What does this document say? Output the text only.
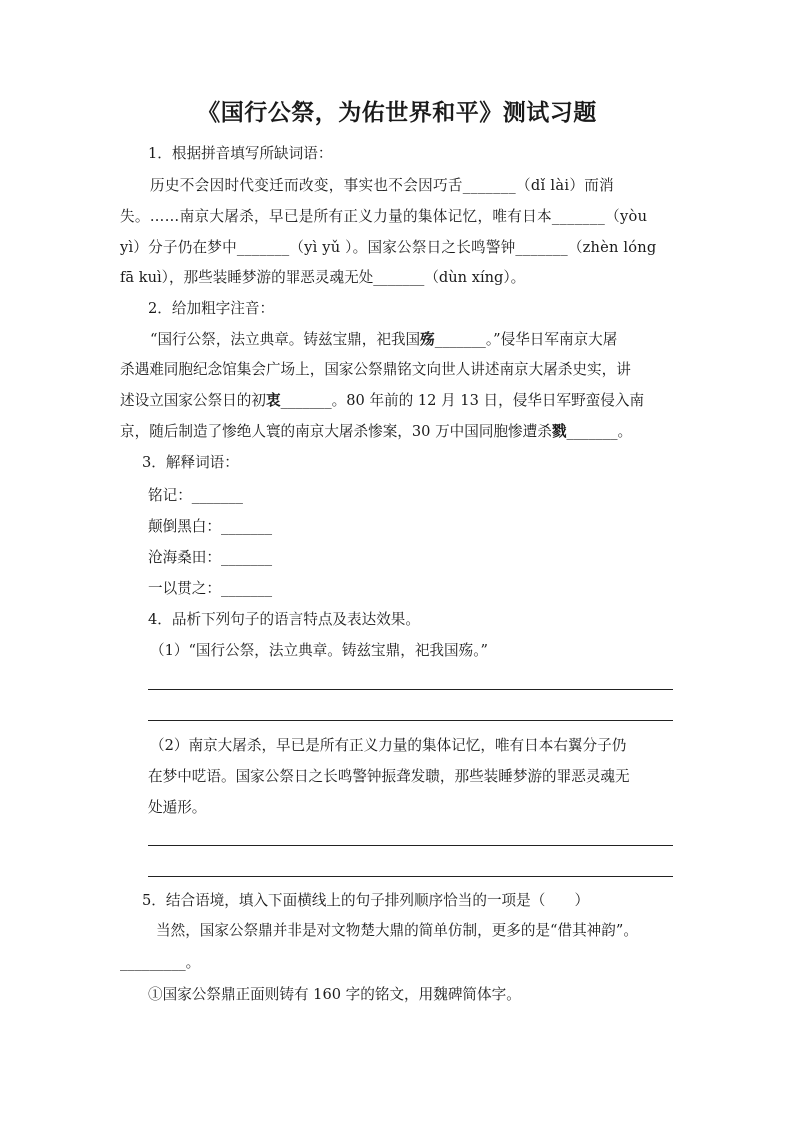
《国行公祭，为佑世界和平》测试习题
1．根据拼音填写所缺词语：
历史不会因时代变迁而改变，事实也不会因巧舌_______（dǐ lài）而消
失。……南京大屠杀，早已是所有正义力量的集体记忆，唯有日本_______（yòu
yì）分子仍在梦中_______（yì yǔ ）。国家公祭日之长鸣警钟_______（zhèn lóng
fā kuì），那些装睡梦游的罪恶灵魂无处_______（dùn xíng）。
2．给加粗字注音：
“国行公祭，法立典章。铸兹宝鼎，祀我国殇_______。”侵华日军南京大屠
杀遇难同胞纪念馆集会广场上，国家公祭鼎铭文向世人讲述南京大屠杀史实，讲
述设立国家公祭日的初衷_______。80 年前的 12 月 13 日，侵华日军野蛮侵入南
京，随后制造了惨绝人寰的南京大屠杀惨案，30 万中国同胞惨遭杀戮_______。
3．解释词语：
铭记：_______
颠倒黑白：_______
沧海桑田：_______
一以贯之：_______
4．品析下列句子的语言特点及表达效果。
（1）“国行公祭，法立典章。铸兹宝鼎，祀我国殇。”
（2）南京大屠杀，早已是所有正义力量的集体记忆，唯有日本右翼分子仍
在梦中呓语。国家公祭日之长鸣警钟振聋发聩，那些装睡梦游的罪恶灵魂无
处遁形。
5．结合语境，填入下面横线上的句子排列顺序恰当的一项是（　　）
当然，国家公祭鼎并非是对文物楚大鼎的简单仿制，更多的是“借其神韵”。
_________。
①国家公祭鼎正面则铸有 160 字的铭文，用魏碑简体字。
